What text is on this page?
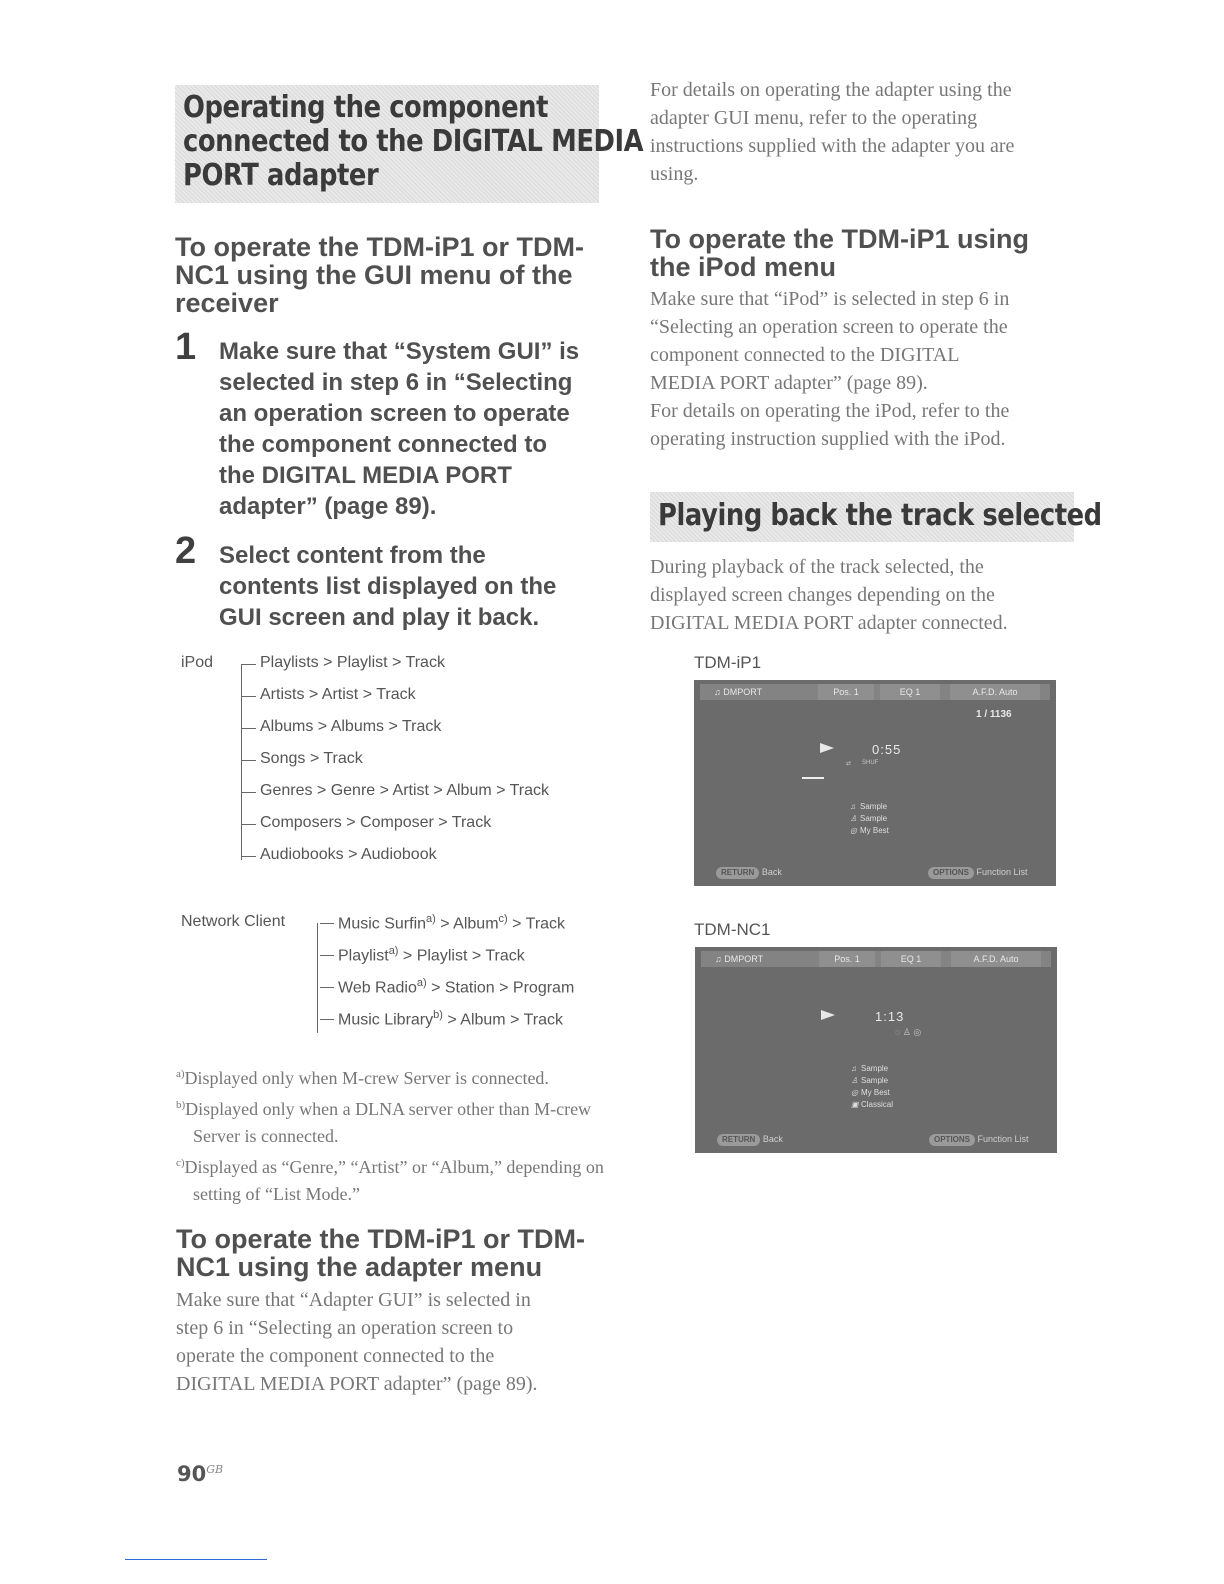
Operating the component
connected to the DIGITAL MEDIA
PORT adapter
To operate the TDM-iP1 or TDM-
NC1 using the GUI menu of the
receiver
1 Make sure that “System GUI” is
selected in step 6 in “Selecting
an operation screen to operate
the component connected to
the DIGITAL MEDIA PORT
adapter” (page 89).
2 Select content from the
contents list displayed on the
GUI screen and play it back.
iPod	Playlists > Playlist > Track
Artists > Artist > Track
Albums > Albums > Track
Songs > Track
Genres > Genre > Artist > Album > Track
Composers > Composer > Track
Audiobooks > Audiobook
Network Client	Music Surfin$^{a)}$ > Album$^{c)}$ > Track
Playlist$^{a)}$ > Playlist > Track
Web Radio$^{a)}$ > Station > Program
Music Library$^{b)}$ > Album > Track
$^{a)}$Displayed only when M-crew Server is connected.
$^{b)}$Displayed only when a DLNA server other than M-crew Server is connected.
$^{c)}$Displayed as “Genre,” “Artist” or “Album,” depending on setting of “List Mode.”
To operate the TDM-iP1 or TDM-
NC1 using the adapter menu
Make sure that “Adapter GUI” is selected in
step 6 in “Selecting an operation screen to
operate the component connected to the
DIGITAL MEDIA PORT adapter” (page 89).
For details on operating the adapter using the
adapter GUI menu, refer to the operating
instructions supplied with the adapter you are
using.
To operate the TDM-iP1 using
the iPod menu
Make sure that “iPod” is selected in step 6 in
“Selecting an operation screen to operate the
component connected to the DIGITAL
MEDIA PORT adapter” (page 89).
For details on operating the iPod, refer to the
operating instruction supplied with the iPod.
Playing back the track selected
During playback of the track selected, the
displayed screen changes depending on the
DIGITAL MEDIA PORT adapter connected.
TDM-iP1
♫ DMPORT	Pos. 1	EQ 1	A.F.D. Auto
1 / 1136
0:55
⇄ SHUF
♫ Sample
♙ Sample
◎ My Best
RETURN Back	OPTIONS Function List
TDM-NC1
♫ DMPORT	Pos. 1	EQ 1	A.F.D. Auto
1:13
◌ ♙ ◎
♫ Sample
♙ Sample
◎ My Best
▣ Classical
RETURN Back	OPTIONS Function List
$90^{GB}$
